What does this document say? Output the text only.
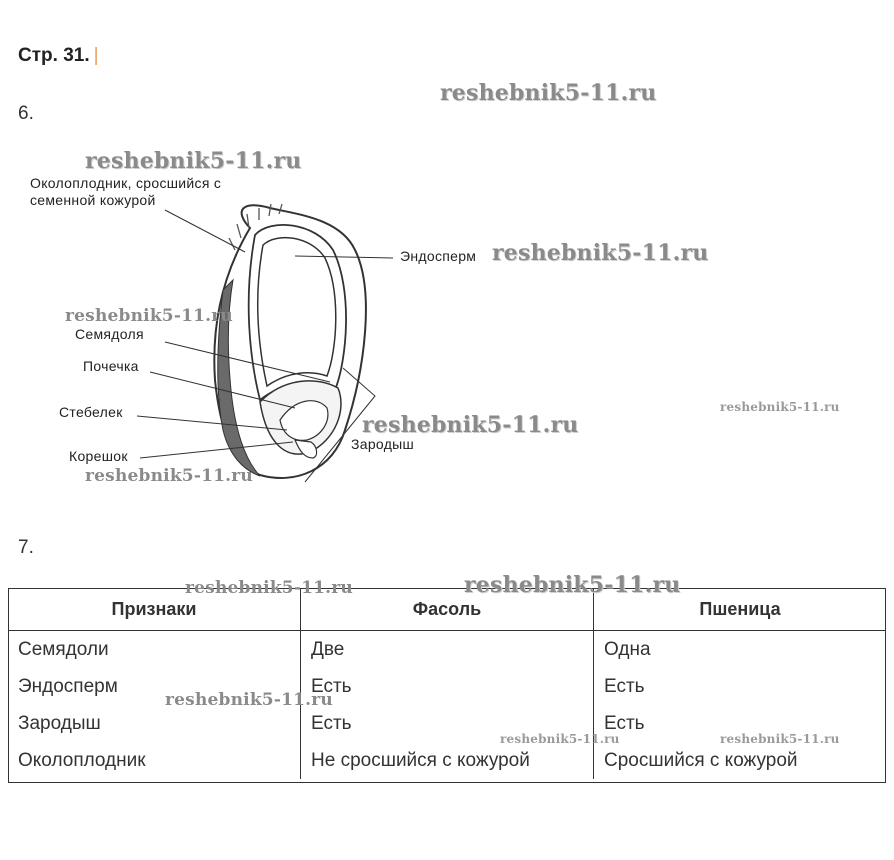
Стр. 31. |
6.
Околоплодник, сросшийся с семенной кожурой
Эндосперм
Семядоля
Почечка
Стебелек
Корешок
Зародыш
7.
Признаки	Фасоль	Пшеница
Семядоли	Две	Одна
Эндосперм	Есть	Есть
Зародыш	Есть	Есть
Околоплодник	Не сросшийся с кожурой	Сросшийся с кожурой
reshebnik5-11.ru
reshebnik5-11.ru
reshebnik5-11.ru
reshebnik5-11.ru
reshebnik5-11.ru
reshebnik5-11.ru
reshebnik5-11.ru
reshebnik5-11.ru	reshebnik5-11.ru
reshebnik5-11.ru
reshebnik5-11.ru	reshebnik5-11.ru
